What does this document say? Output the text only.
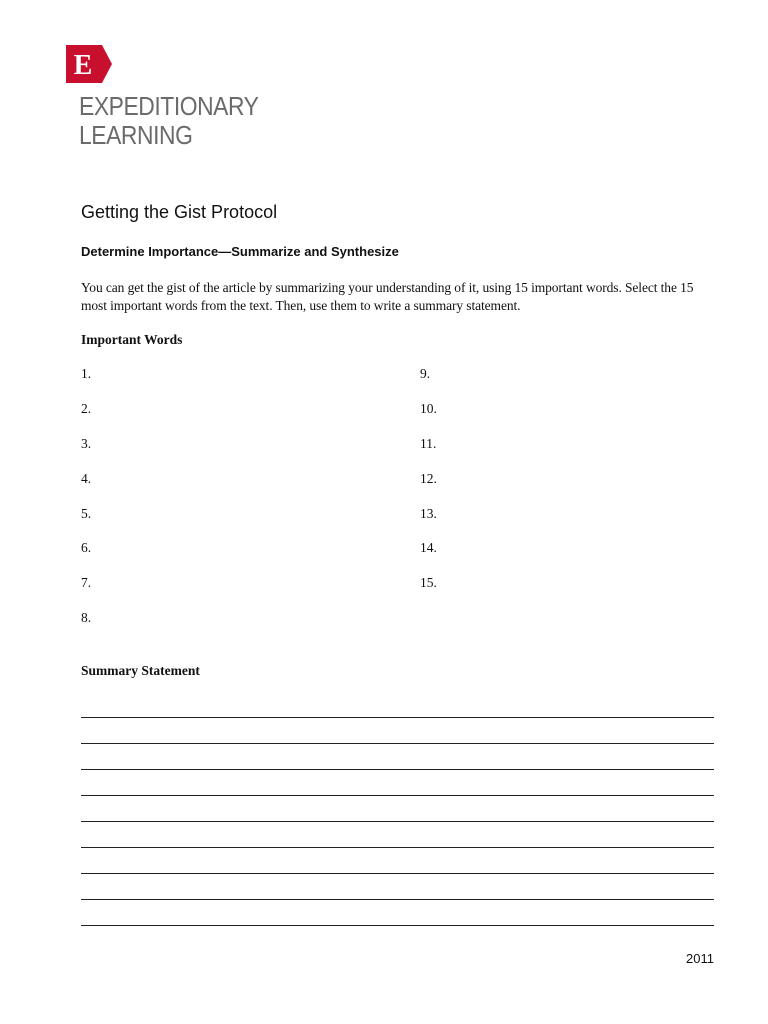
E
EXPEDITIONARY
LEARNING
Getting the Gist Protocol
Determine Importance—Summarize and Synthesize
You can get the gist of the article by summarizing your understanding of it, using 15 important words. Select the 15 most important words from the text. Then, use them to write a summary statement.
Important Words
1.
2.
3.
4.
5.
6.
7.
8.
9.
10.
11.
12.
13.
14.
15.
Summary Statement
2011
